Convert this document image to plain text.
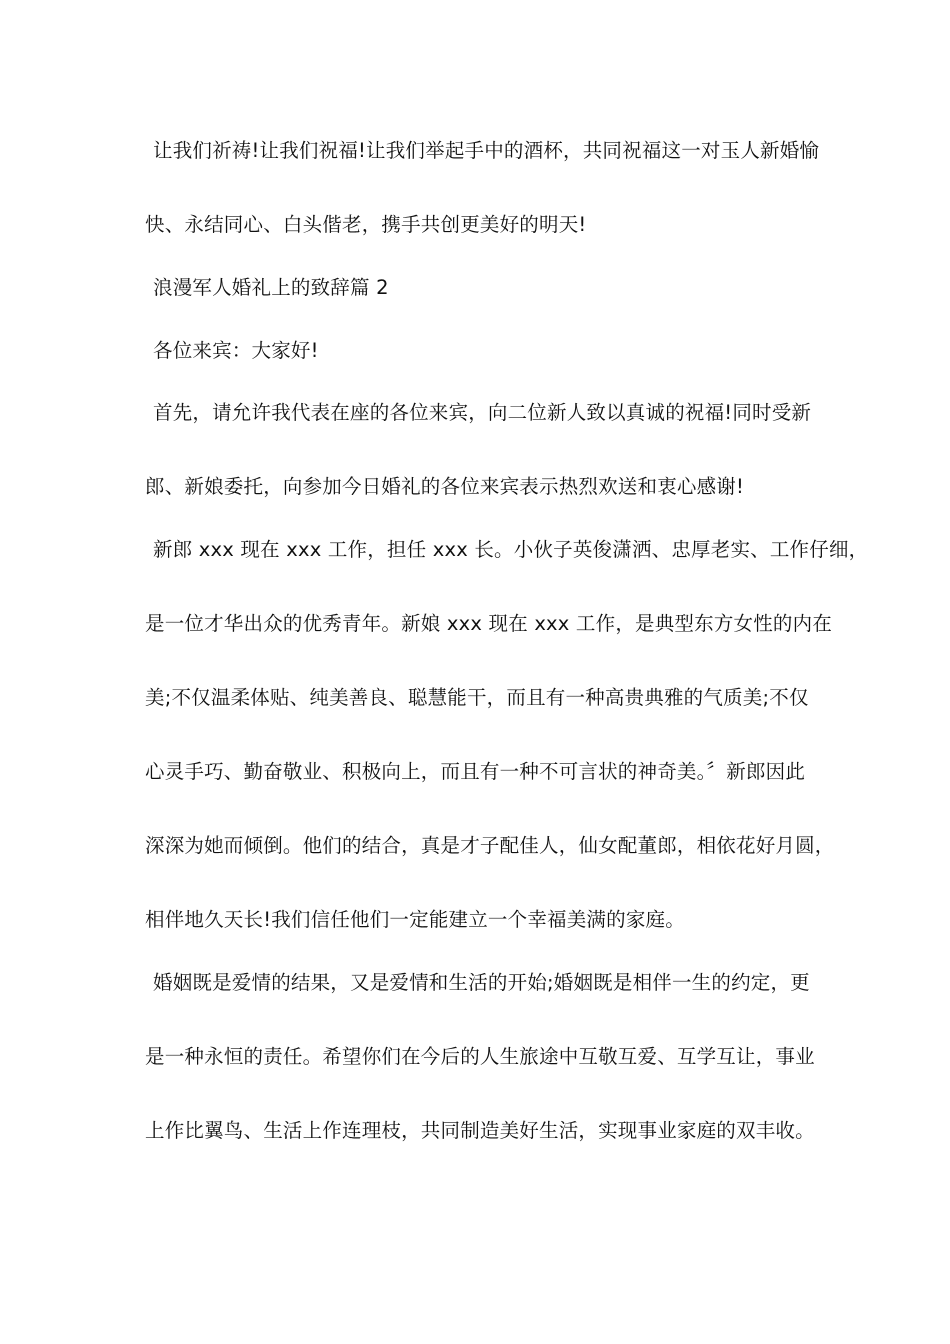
让我们祈祷!让我们祝福!让我们举起手中的酒杯，共同祝福这一对玉人新婚愉
快、永结同心、白头偕老，携手共创更美好的明天!
浪漫军人婚礼上的致辞篇 2
各位来宾：大家好!
首先，请允许我代表在座的各位来宾，向二位新人致以真诚的祝福!同时受新
郎、新娘委托，向参加今日婚礼的各位来宾表示热烈欢送和衷心感谢!
新郎 xxx 现在 xxx 工作，担任 xxx 长。小伙子英俊潇洒、忠厚老实、工作仔细，
是一位才华出众的优秀青年。新娘 xxx 现在 xxx 工作，是典型东方女性的内在
美;不仅温柔体贴、纯美善良、聪慧能干，而且有一种高贵典雅的气质美;不仅
心灵手巧、勤奋敬业、积极向上，而且有一种不可言状的神奇美。〞新郎因此
深深为她而倾倒。他们的结合，真是才子配佳人，仙女配董郎，相依花好月圆，
相伴地久天长!我们信任他们一定能建立一个幸福美满的家庭。
婚姻既是爱情的结果，又是爱情和生活的开始;婚姻既是相伴一生的约定，更
是一种永恒的责任。希望你们在今后的人生旅途中互敬互爱、互学互让，事业
上作比翼鸟、生活上作连理枝，共同制造美好生活，实现事业家庭的双丰收。
